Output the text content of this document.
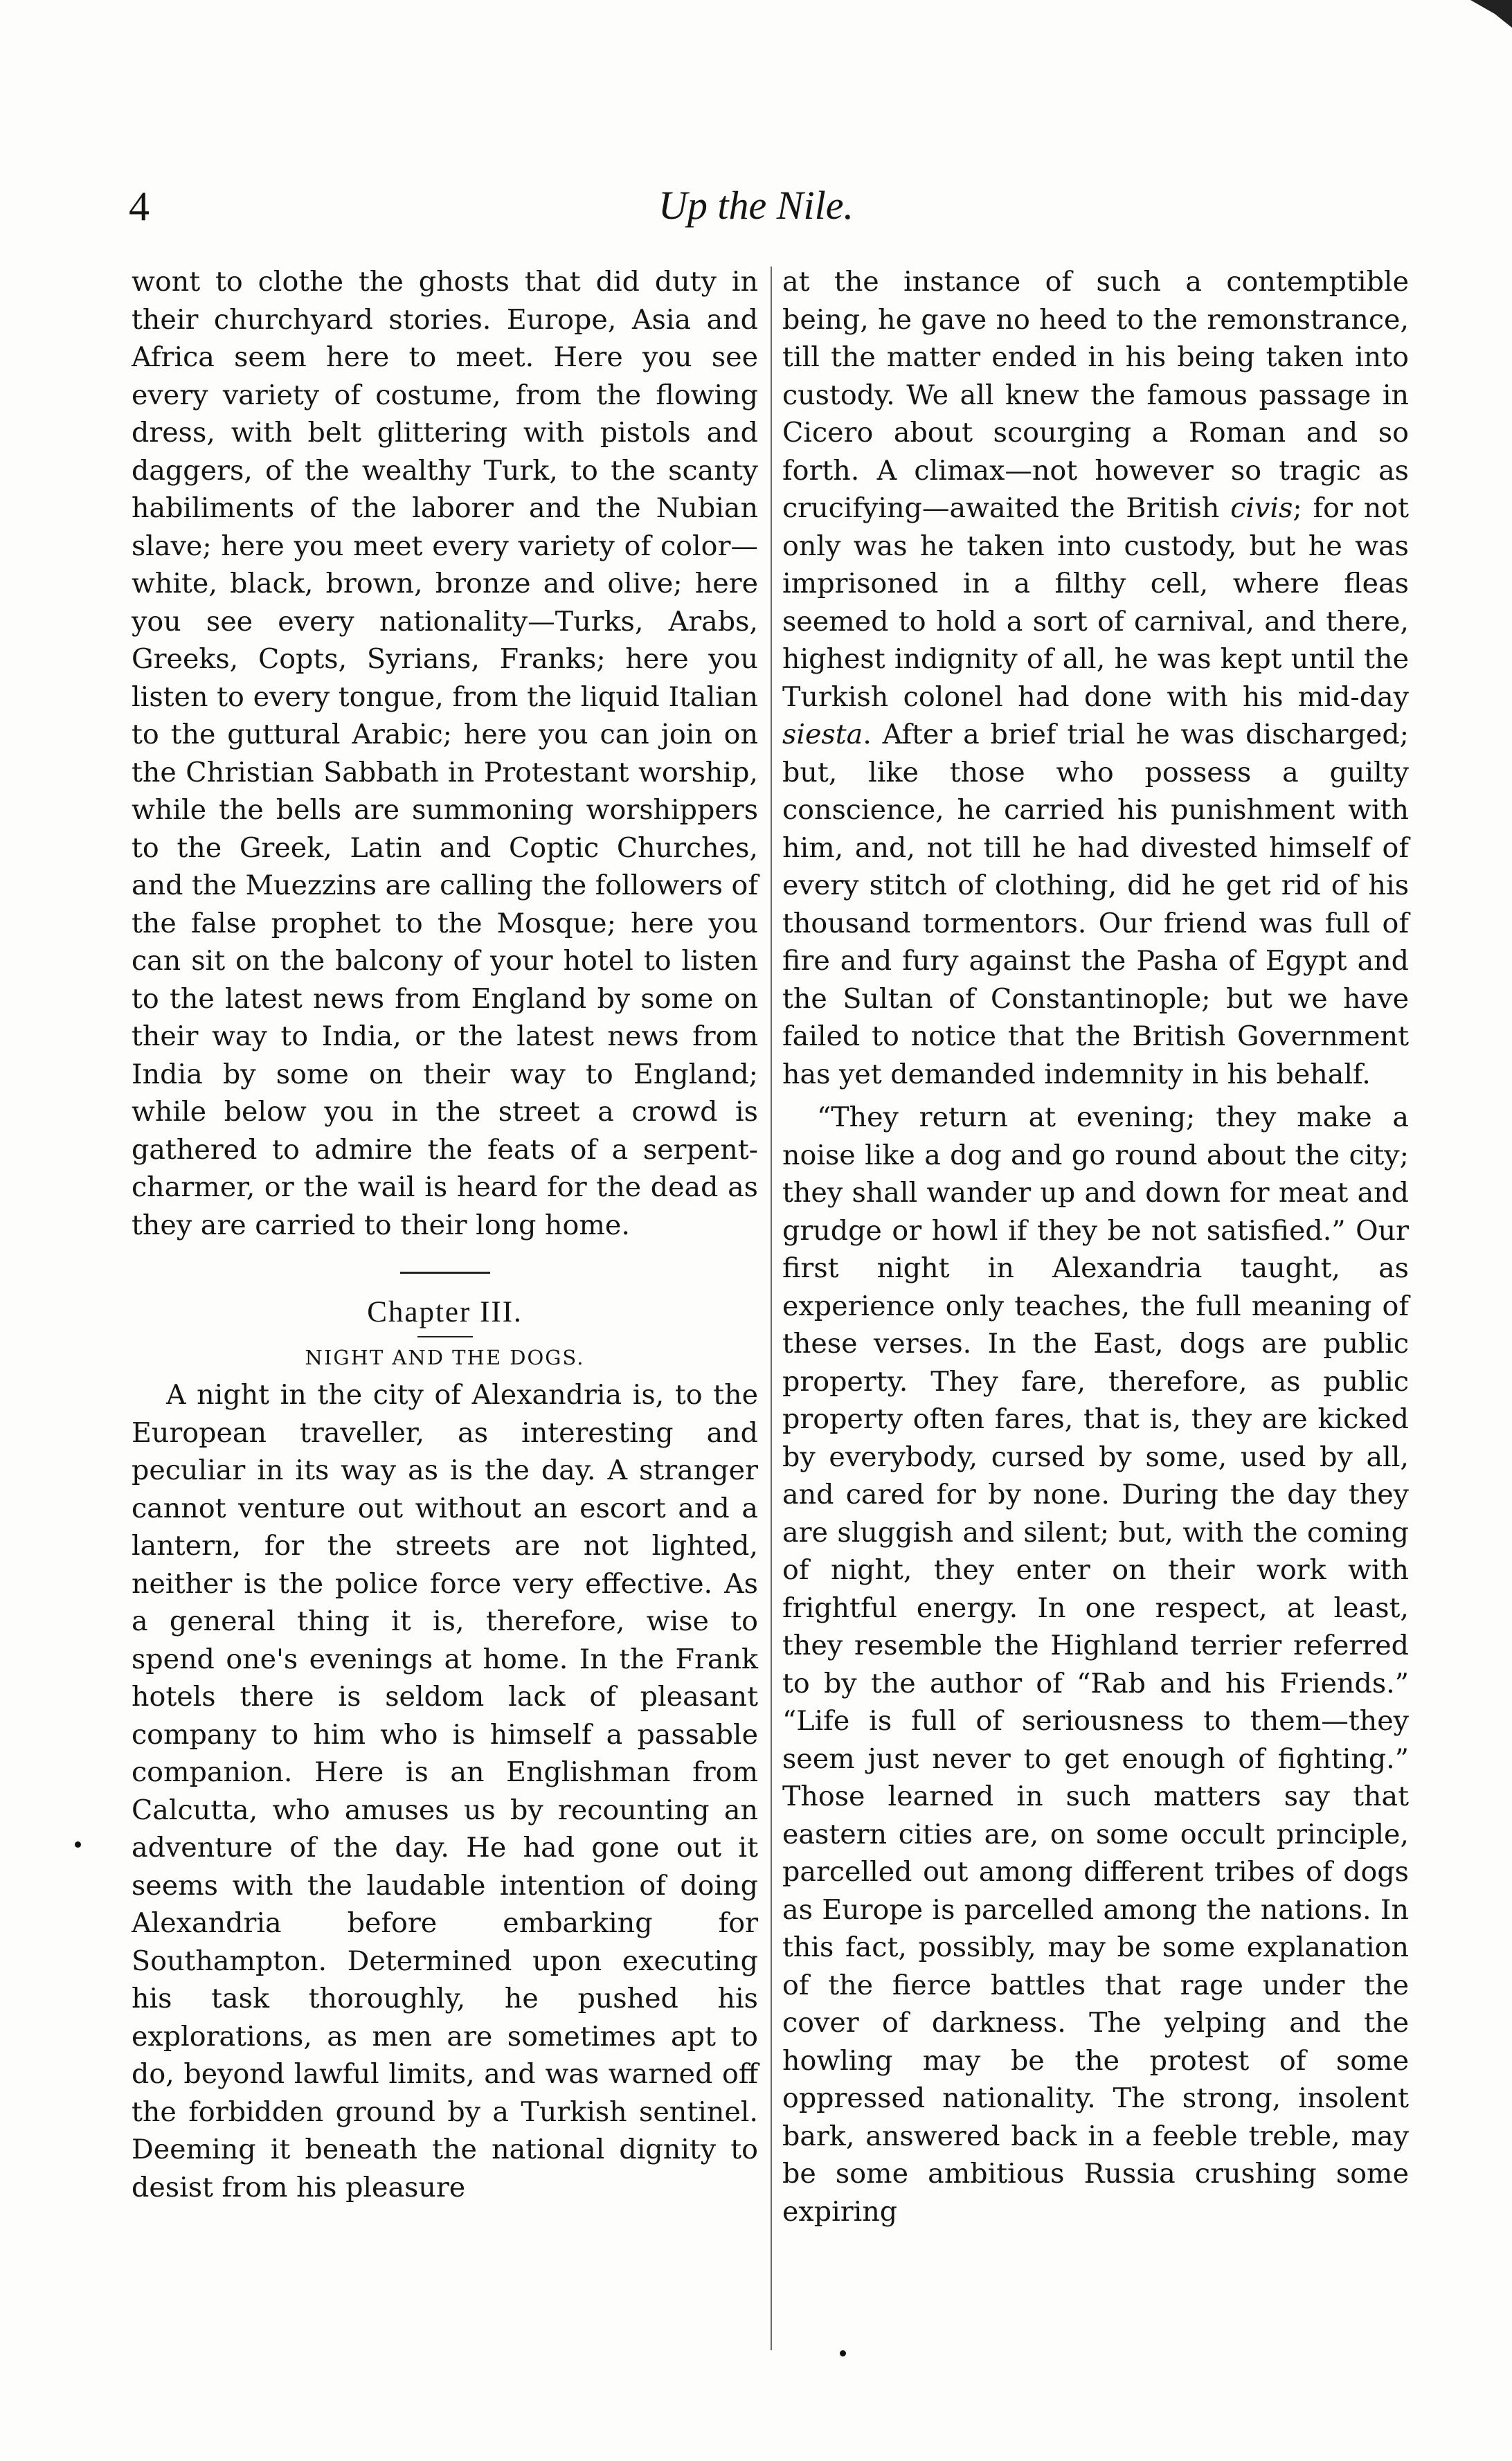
4	Up the Nile.

wont to clothe the ghosts that did duty in their churchyard stories. Europe, Asia and Africa seem here to meet. Here you see every variety of costume, from the flowing dress, with belt glittering with pistols and daggers, of the wealthy Turk, to the scanty habiliments of the laborer and the Nubian slave; here you meet every variety of color—white, black, brown, bronze and olive; here you see every nationality—Turks, Arabs, Greeks, Copts, Syrians, Franks; here you listen to every tongue, from the liquid Italian to the guttural Arabic; here you can join on the Christian Sabbath in Protestant worship, while the bells are summoning worshippers to the Greek, Latin and Coptic Churches, and the Muezzins are calling the followers of the false prophet to the Mosque; here you can sit on the balcony of your hotel to listen to the latest news from England by some on their way to India, or the latest news from India by some on their way to England; while below you in the street a crowd is gathered to admire the feats of a serpent-charmer, or the wail is heard for the dead as they are carried to their long home.

Chapter III.

NIGHT AND THE DOGS.

A night in the city of Alexandria is, to the European traveller, as interesting and peculiar in its way as is the day. A stranger cannot venture out without an escort and a lantern, for the streets are not lighted, neither is the police force very effective. As a general thing it is, therefore, wise to spend one's evenings at home. In the Frank hotels there is seldom lack of pleasant company to him who is himself a passable companion. Here is an Englishman from Calcutta, who amuses us by recounting an adventure of the day. He had gone out it seems with the laudable intention of doing Alexandria before embarking for Southampton. Determined upon executing his task thoroughly, he pushed his explorations, as men are sometimes apt to do, beyond lawful limits, and was warned off the forbidden ground by a Turkish sentinel. Deeming it beneath the national dignity to desist from his pleasure

at the instance of such a contemptible being, he gave no heed to the remonstrance, till the matter ended in his being taken into custody. We all knew the famous passage in Cicero about scourging a Roman and so forth. A climax—not however so tragic as crucifying—awaited the British civis; for not only was he taken into custody, but he was imprisoned in a filthy cell, where fleas seemed to hold a sort of carnival, and there, highest indignity of all, he was kept until the Turkish colonel had done with his mid-day siesta. After a brief trial he was discharged; but, like those who possess a guilty conscience, he carried his punishment with him, and, not till he had divested himself of every stitch of clothing, did he get rid of his thousand tormentors. Our friend was full of fire and fury against the Pasha of Egypt and the Sultan of Constantinople; but we have failed to notice that the British Government has yet demanded indemnity in his behalf.

“They return at evening; they make a noise like a dog and go round about the city; they shall wander up and down for meat and grudge or howl if they be not satisfied.” Our first night in Alexandria taught, as experience only teaches, the full meaning of these verses. In the East, dogs are public property. They fare, therefore, as public property often fares, that is, they are kicked by everybody, cursed by some, used by all, and cared for by none. During the day they are sluggish and silent; but, with the coming of night, they enter on their work with frightful energy. In one respect, at least, they resemble the Highland terrier referred to by the author of “Rab and his Friends.” “Life is full of seriousness to them—they seem just never to get enough of fighting.” Those learned in such matters say that eastern cities are, on some occult principle, parcelled out among different tribes of dogs as Europe is parcelled among the nations. In this fact, possibly, may be some explanation of the fierce battles that rage under the cover of darkness. The yelping and the howling may be the protest of some oppressed nationality. The strong, insolent bark, answered back in a feeble treble, may be some ambitious Russia crushing some expiring
